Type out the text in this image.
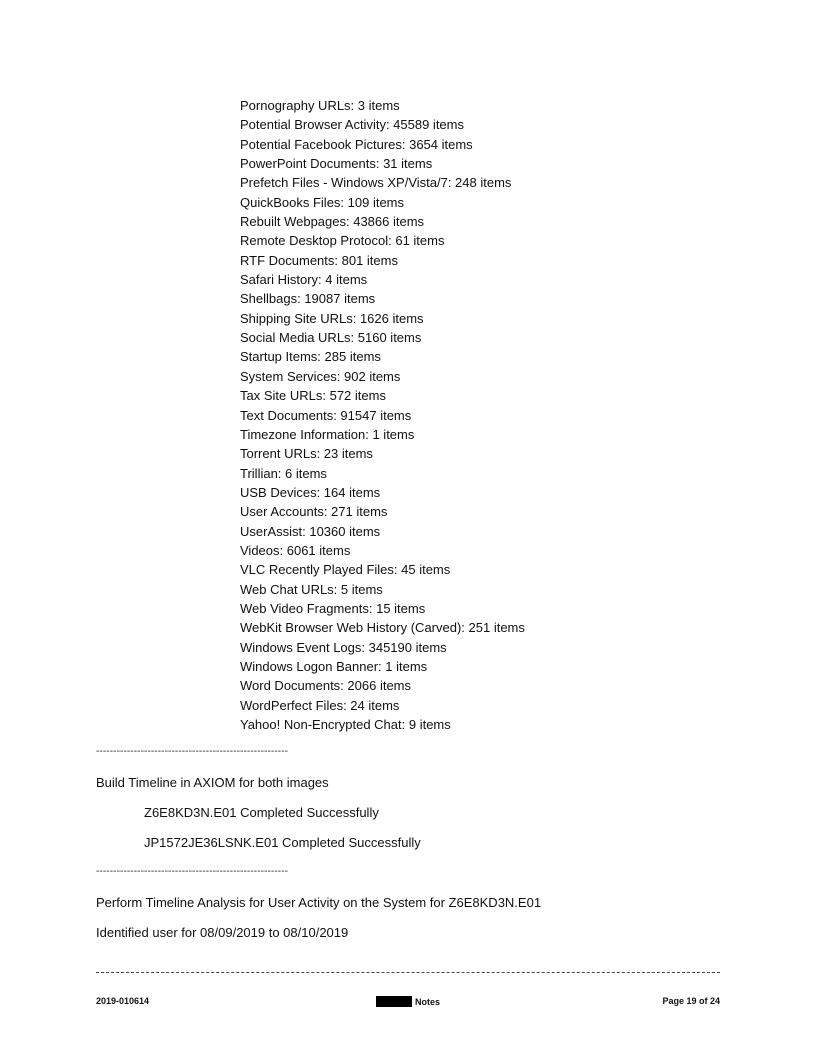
Pornography URLs: 3 items
Potential Browser Activity: 45589 items
Potential Facebook Pictures: 3654 items
PowerPoint Documents: 31 items
Prefetch Files - Windows XP/Vista/7: 248 items
QuickBooks Files: 109 items
Rebuilt Webpages: 43866 items
Remote Desktop Protocol: 61 items
RTF Documents: 801 items
Safari History: 4 items
Shellbags: 19087 items
Shipping Site URLs: 1626 items
Social Media URLs: 5160 items
Startup Items: 285 items
System Services: 902 items
Tax Site URLs: 572 items
Text Documents: 91547 items
Timezone Information: 1 items
Torrent URLs: 23 items
Trillian: 6 items
USB Devices: 164 items
User Accounts: 271 items
UserAssist: 10360 items
Videos: 6061 items
VLC Recently Played Files: 45 items
Web Chat URLs: 5 items
Web Video Fragments: 15 items
WebKit Browser Web History (Carved): 251 items
Windows Event Logs: 345190 items
Windows Logon Banner: 1 items
Word Documents: 2066 items
WordPerfect Files: 24 items
Yahoo! Non-Encrypted Chat: 9 items
--------------------------------------------------------
Build Timeline in AXIOM for both images
Z6E8KD3N.E01 Completed Successfully
JP1572JE36LSNK.E01 Completed Successfully
--------------------------------------------------------
Perform Timeline Analysis for User Activity on the System for Z6E8KD3N.E01
Identified user for 08/09/2019 to 08/10/2019
2019-010614	Notes	Page 19 of 24
